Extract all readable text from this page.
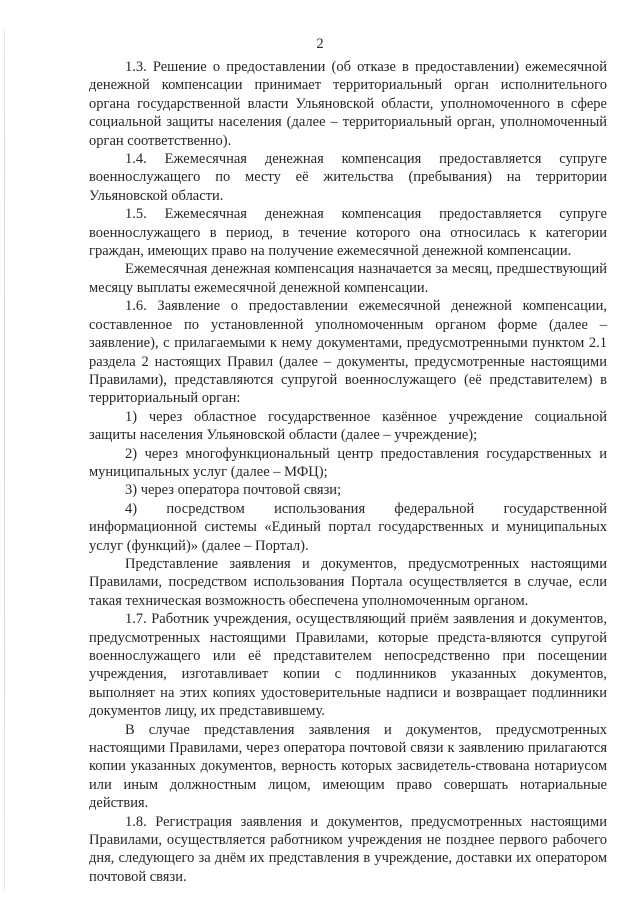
2

1.3. Решение о предоставлении (об отказе в предоставлении) ежемесячной денежной компенсации принимает территориальный орган исполнительного органа государственной власти Ульяновской области, уполномоченного в сфере социальной защиты населения (далее – территориальный орган, уполномоченный орган соответственно).

1.4. Ежемесячная денежная компенсация предоставляется супруге военнослужащего по месту её жительства (пребывания) на территории Ульяновской области.

1.5. Ежемесячная денежная компенсация предоставляется супруге военнослужащего в период, в течение которого она относилась к категории граждан, имеющих право на получение ежемесячной денежной компенсации.

Ежемесячная денежная компенсация назначается за месяц, предшествующий месяцу выплаты ежемесячной денежной компенсации.

1.6. Заявление о предоставлении ежемесячной денежной компенсации, составленное по установленной уполномоченным органом форме (далее – заявление), с прилагаемыми к нему документами, предусмотренными пунктом 2.1 раздела 2 настоящих Правил (далее – документы, предусмотренные настоящими Правилами), представляются супругой военнослужащего (её представителем) в территориальный орган:

1) через областное государственное казённое учреждение социальной защиты населения Ульяновской области (далее – учреждение);

2) через многофункциональный центр предоставления государственных и муниципальных услуг (далее – МФЦ);

3) через оператора почтовой связи;

4) посредством использования федеральной государственной информационной системы «Единый портал государственных и муниципальных услуг (функций)» (далее – Портал).

Представление заявления и документов, предусмотренных настоящими Правилами, посредством использования Портала осуществляется в случае, если такая техническая возможность обеспечена уполномоченным органом.

1.7. Работник учреждения, осуществляющий приём заявления и документов, предусмотренных настоящими Правилами, которые предста-вляются супругой военнослужащего или её представителем непосредственно при посещении учреждения, изготавливает копии с подлинников указанных документов, выполняет на этих копиях удостоверительные надписи и возвращает подлинники документов лицу, их представившему.

В случае представления заявления и документов, предусмотренных настоящими Правилами, через оператора почтовой связи к заявлению прилагаются копии указанных документов, верность которых засвидетель-ствована нотариусом или иным должностным лицом, имеющим право совершать нотариальные действия.

1.8. Регистрация заявления и документов, предусмотренных настоящими Правилами, осуществляется работником учреждения не позднее первого рабочего дня, следующего за днём их представления в учреждение, доставки их оператором почтовой связи.
